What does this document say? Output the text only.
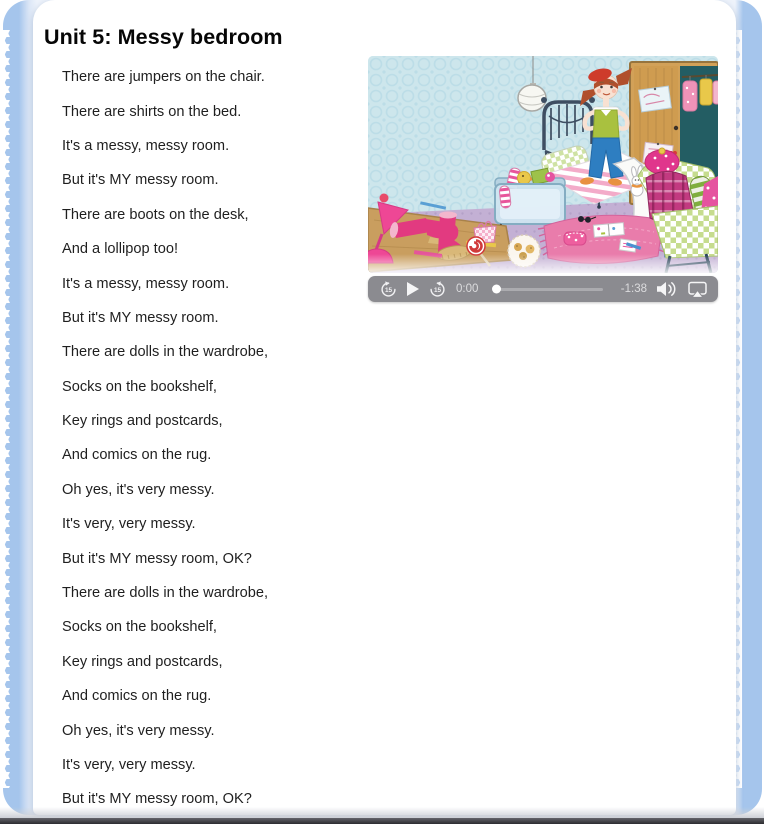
Unit 5: Messy bedroom

There are jumpers on the chair.

There are shirts on the bed.

It's a messy, messy room.

But it's MY messy room.

There are boots on the desk,

And a lollipop too!

It's a messy, messy room.

But it's MY messy room.

There are dolls in the wardrobe,

Socks on the bookshelf,

Key rings and postcards,

And comics on the rug.

Oh yes, it's very messy.

It's very, very messy.

But it's MY messy room, OK?

There are dolls in the wardrobe,

Socks on the bookshelf,

Key rings and postcards,

And comics on the rug.

Oh yes, it's very messy.

It's very, very messy.

But it's MY messy room, OK?

15	15 0:00	-1:38
